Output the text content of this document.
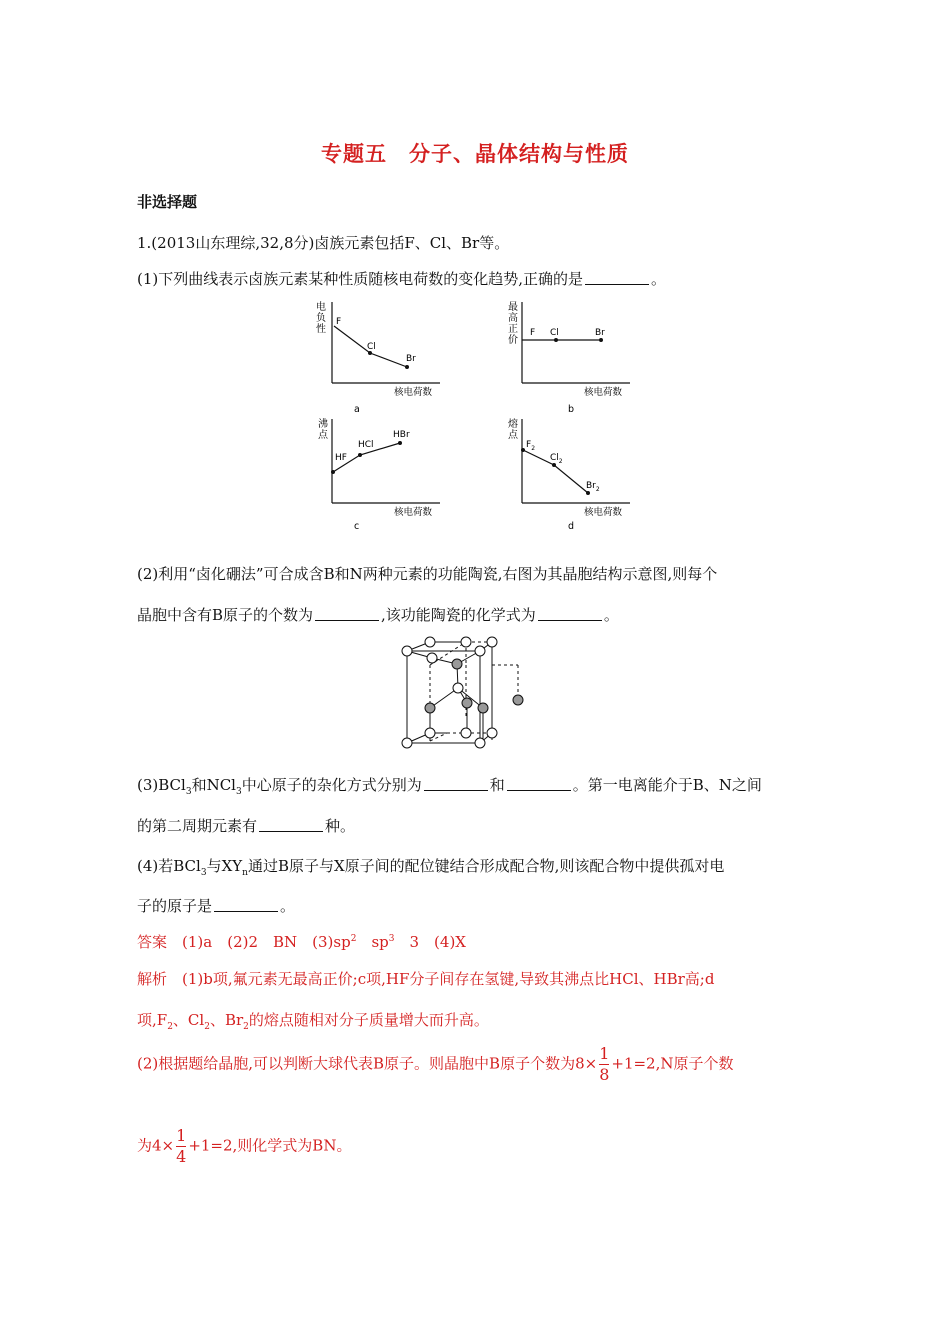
专题五　分子、晶体结构与性质
非选择题
1.(2013山东理综,32,8分)卤族元素包括F、Cl、Br等。
(1)下列曲线表示卤族元素某种性质随核电荷数的变化趋势,正确的是	。
电
负
性
F
Cl
Br
核电荷数
a
最
高
正
价
F Cl	Br
核电荷数
b
沸
点
HF
HCl
HBr
核电荷数
c
熔
点
$F_2$
$Cl_2$
$Br_2$
核电荷数
d
(2)利用“卤化硼法”可合成含B和N两种元素的功能陶瓷,右图为其晶胞结构示意图,则每个
晶胞中含有B原子的个数为	,该功能陶瓷的化学式为	。
(3)BCl$_3$和NCl$_3$中心原子的杂化方式分别为	和	。第一电离能介于B、N之间
的第二周期元素有	种。
(4)若BCl$_3$与$XY_n$通过B原子与X原子间的配位键结合形成配合物,则该配合物中提供孤对电
子的原子是	。
答案　 (1)a　(2)2　BN　$(3)sp^2$　$sp^3$　3　(4)X
解析　 (1)b项,氟元素无最高正价;c项,HF分子间存在氢键,导致其沸点比HCl、HBr高;d
项$,F_2$、$Cl_2$、$Br_2$的熔点随相对分子质量增大而升高。
(2)根据题给晶胞,可以判断大球代表B原子。则晶胞中B原子个数为$8\times \frac{1}{8} +1=2,N$原子个数
为$4\times \frac{1}{4} +1=2$,则化学式为BN。
